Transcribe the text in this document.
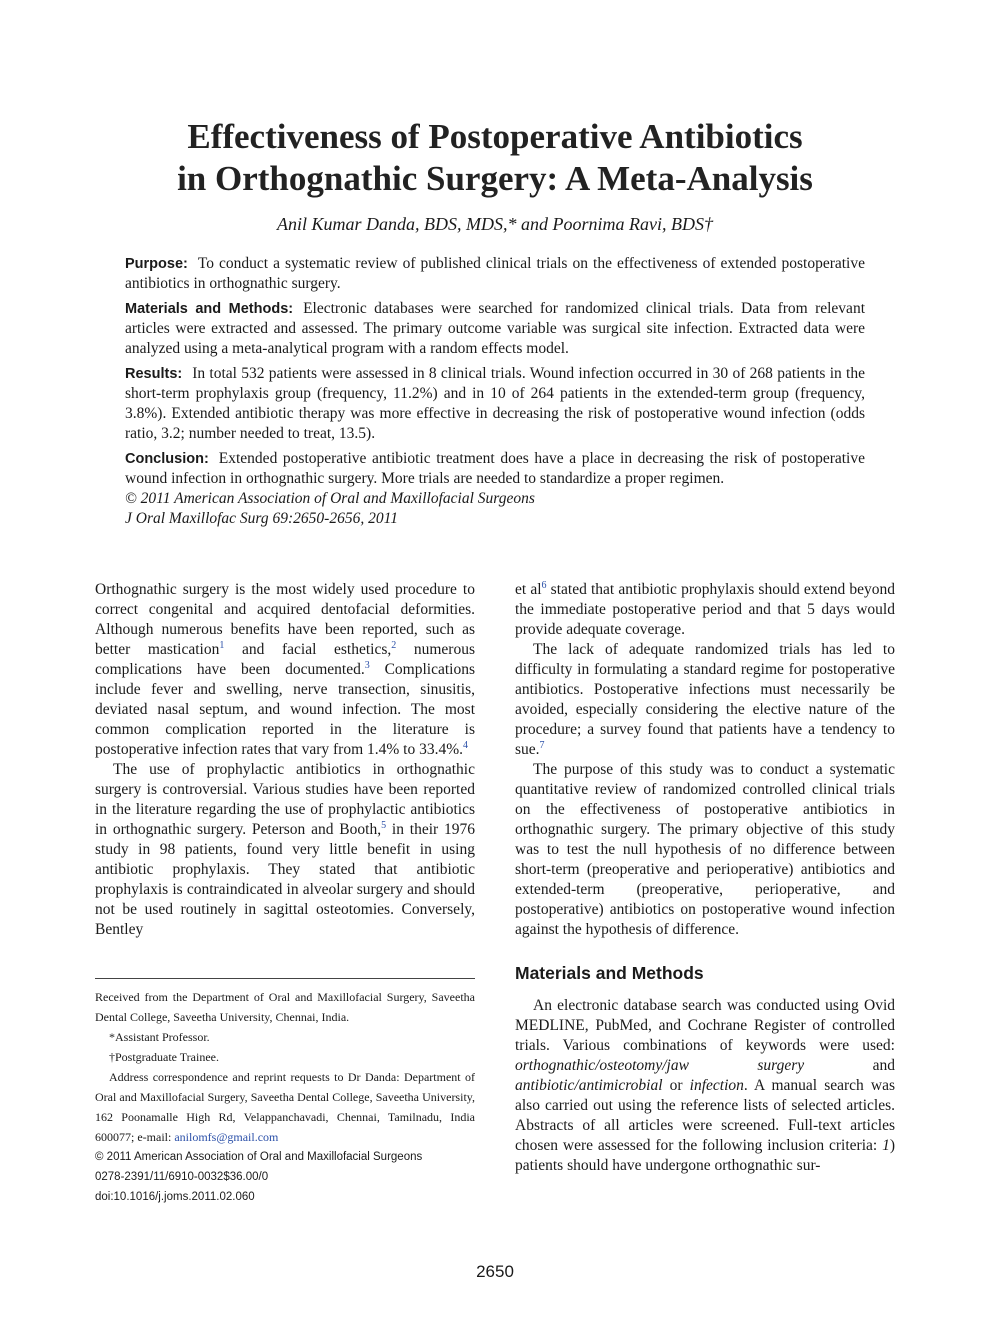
Effectiveness of Postoperative Antibiotics
in Orthognathic Surgery: A Meta-Analysis
Anil Kumar Danda, BDS, MDS,* and Poornima Ravi, BDS†

Purpose: To conduct a systematic review of published clinical trials on the effectiveness of extended postoperative antibiotics in orthognathic surgery.

Materials and Methods: Electronic databases were searched for randomized clinical trials. Data from relevant articles were extracted and assessed. The primary outcome variable was surgical site infection. Extracted data were analyzed using a meta-analytical program with a random effects model.

Results: In total 532 patients were assessed in 8 clinical trials. Wound infection occurred in 30 of 268 patients in the short-term prophylaxis group (frequency, 11.2%) and in 10 of 264 patients in the extended-term group (frequency, 3.8%). Extended antibiotic therapy was more effective in decreasing the risk of postoperative wound infection (odds ratio, 3.2; number needed to treat, 13.5).

Conclusion: Extended postoperative antibiotic treatment does have a place in decreasing the risk of postoperative wound infection in orthognathic surgery. More trials are needed to standardize a proper regimen.

© 2011 American Association of Oral and Maxillofacial Surgeons

J Oral Maxillofac Surg 69:2650-2656, 2011

Orthognathic surgery is the most widely used procedure to correct congenital and acquired dentofacial deformities. Although numerous benefits have been reported, such as better mastication$^1$ and facial esthetics,$^2$ numerous complications have been documented.$^3$ Complications include fever and swelling, nerve transection, sinusitis, deviated nasal septum, and wound infection. The most common complication reported in the literature is postoperative infection rates that vary from 1.4% to 33.4%.$^4$

The use of prophylactic antibiotics in orthognathic surgery is controversial. Various studies have been reported in the literature regarding the use of prophylactic antibiotics in orthognathic surgery. Peterson and Booth,$^5$ in their 1976 study in 98 patients, found very little benefit in using antibiotic prophylaxis. They stated that antibiotic prophylaxis is contraindicated in alveolar surgery and should not be used routinely in sagittal osteotomies. Conversely, Bentley

Received from the Department of Oral and Maxillofacial Surgery, Saveetha Dental College, Saveetha University, Chennai, India.

*Assistant Professor.

†Postgraduate Trainee.

Address correspondence and reprint requests to Dr Danda: Department of Oral and Maxillofacial Surgery, Saveetha Dental College, Saveetha University, 162 Poonamalle High Rd, Velappanchavadi, Chennai, Tamilnadu, India 600077; e-mail: anilomfs@gmail.com

© 2011 American Association of Oral and Maxillofacial Surgeons

0278-2391/11/6910-0032$36.00/0

doi:10.1016/j.joms.2011.02.060

et $al^6$ stated that antibiotic prophylaxis should extend beyond the immediate postoperative period and that 5 days would provide adequate coverage.

The lack of adequate randomized trials has led to difficulty in formulating a standard regime for postoperative antibiotics. Postoperative infections must necessarily be avoided, especially considering the elective nature of the procedure; a survey found that patients have a tendency to sue.$^7$

The purpose of this study was to conduct a systematic quantitative review of randomized controlled clinical trials on the effectiveness of postoperative antibiotics in orthognathic surgery. The primary objective of this study was to test the null hypothesis of no difference between short-term (preoperative and perioperative) antibiotics and extended-term (preoperative, perioperative, and postoperative) antibiotics on postoperative wound infection against the hypothesis of difference.

Materials and Methods

An electronic database search was conducted using Ovid MEDLINE, PubMed, and Cochrane Register of controlled trials. Various combinations of keywords were used: orthognathic/osteotomy/jaw surgery and antibiotic/antimicrobial or infection. A manual search was also carried out using the reference lists of selected articles. Abstracts of all articles were screened. Full-text articles chosen were assessed for the following inclusion criteria: 1) patients should have undergone orthognathic sur-

2650
